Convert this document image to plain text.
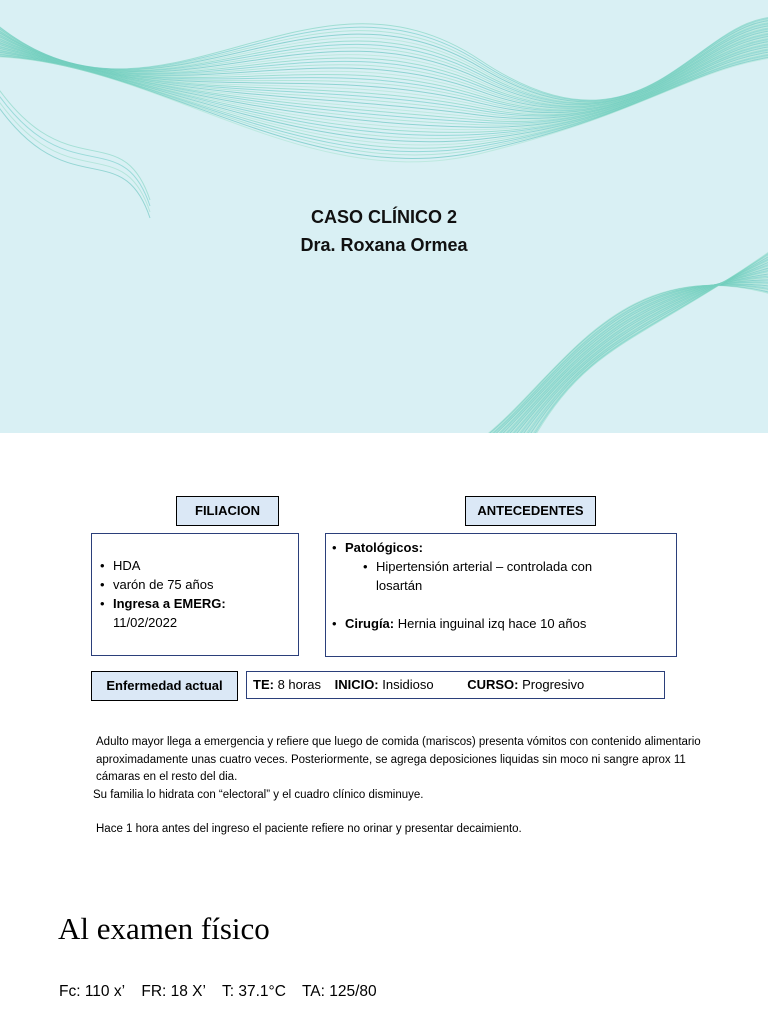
CASO CLÍNICO 2
Dra. Roxana Ormea
FILIACION
• HDA
• varón de 75 años
• Ingresa a EMERG:
11/02/2022
ANTECEDENTES
• Patológicos:
• Hipertensión arterial – controlada con losartán
• Cirugía: Hernia inguinal izq hace 10 años
Enfermedad actual	TE: 8 horas INICIO: Insidioso	CURSO: Progresivo

Adulto mayor llega a emergencia y refiere que luego de comida (mariscos) presenta vómitos con contenido alimentario aproximadamente unas cuatro veces. Posteriormente, se agrega deposiciones liquidas sin moco ni sangre aprox 11 cámaras en el resto del dia.

Su familia lo hidrata con “electoral” y el cuadro clínico disminuye.

Hace 1 hora antes del ingreso el paciente refiere no orinar y presentar decaimiento.

Al examen físico
Fc: 110 x’ FR: 18 X’ T: 37.1°C TA: 125/80
